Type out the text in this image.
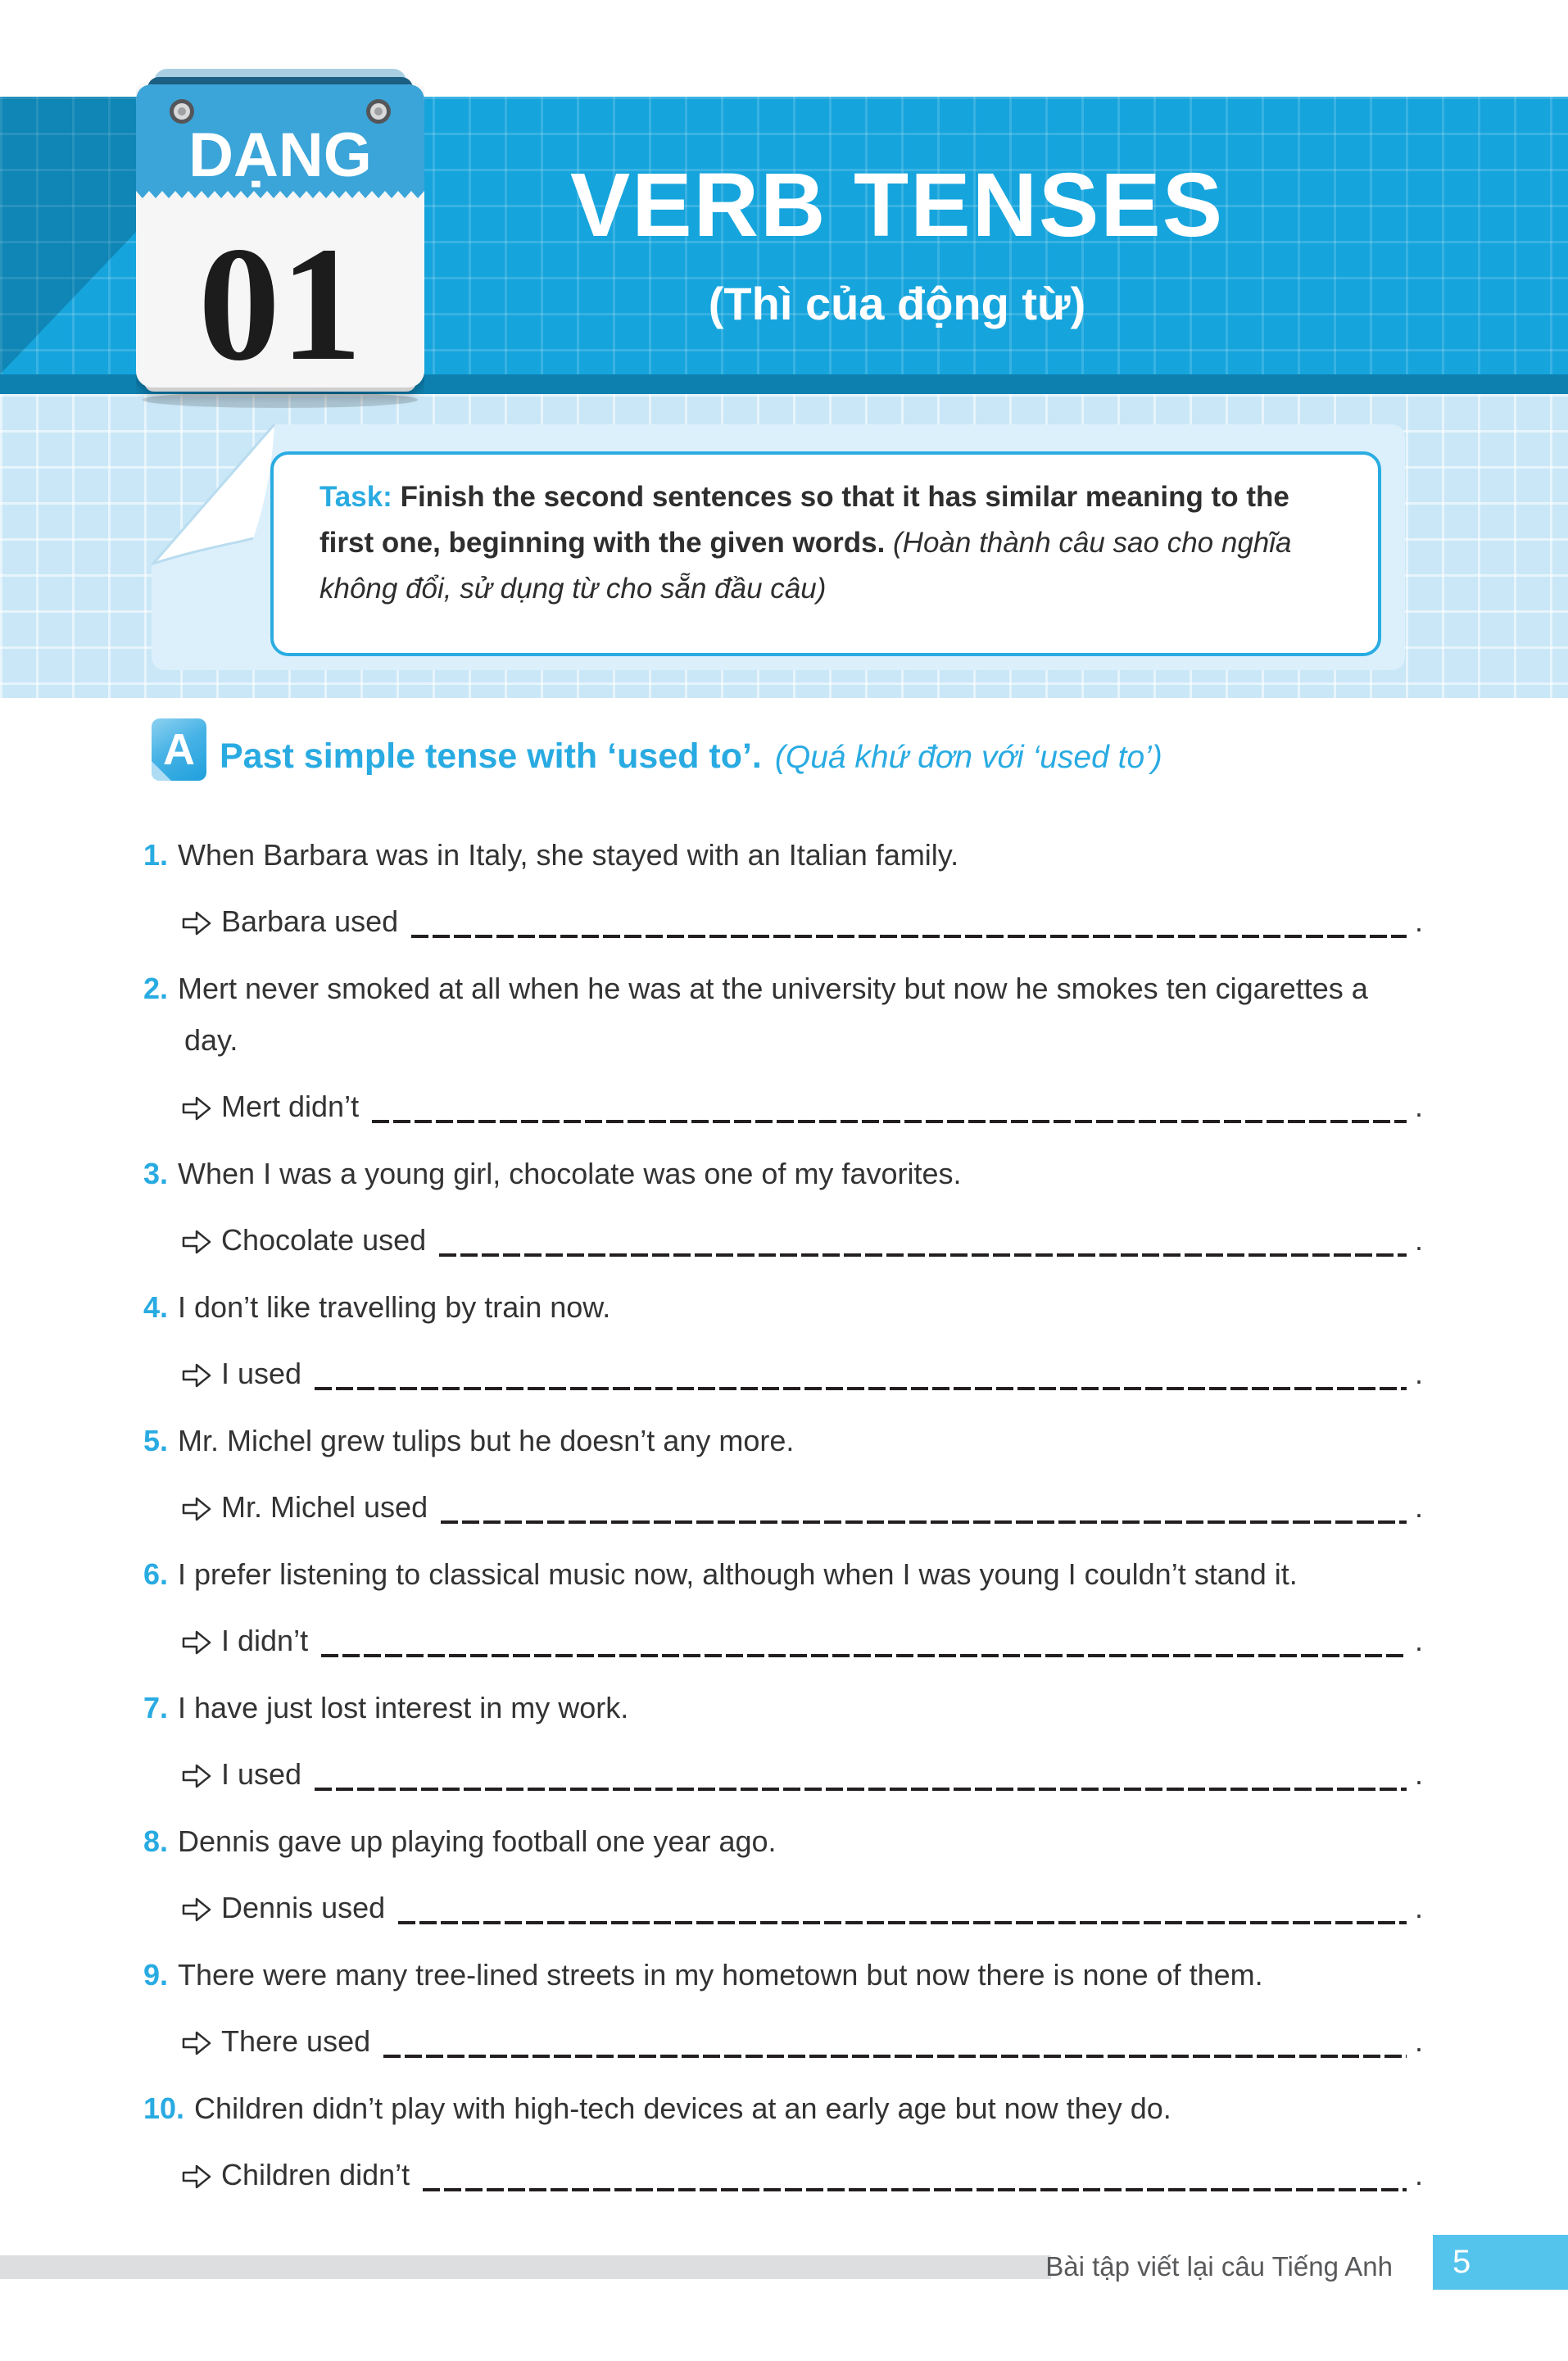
VERB TENSES
(Thì của động từ)
DẠNG
01
Task: Finish the second sentences so that it has similar meaning to the first one, beginning with the given words. (Hoàn thành câu sao cho nghĩa không đổi, sử dụng từ cho sẵn đầu câu)
A Past simple tense with ‘used to’. (Quá khứ đơn với ‘used to’)
1. When Barbara was in Italy, she stayed with an Italian family.
Barbara used	.
2. Mert never smoked at all when he was at the university but now he smokes ten cigarettes a day.
Mert didn’t	.
3. When I was a young girl, chocolate was one of my favorites.
Chocolate used	.
4. I don’t like travelling by train now.
I used	.
5. Mr. Michel grew tulips but he doesn’t any more.
Mr. Michel used	.
6. I prefer listening to classical music now, although when I was young I couldn’t stand it.
I didn’t	.
7. I have just lost interest in my work.
I used	.
8. Dennis gave up playing football one year ago.
Dennis used	.
9. There were many tree-lined streets in my hometown but now there is none of them.
There used	.
10. Children didn’t play with high-tech devices at an early age but now they do.
Children didn’t	.
Bài tập viết lại câu Tiếng Anh	5
